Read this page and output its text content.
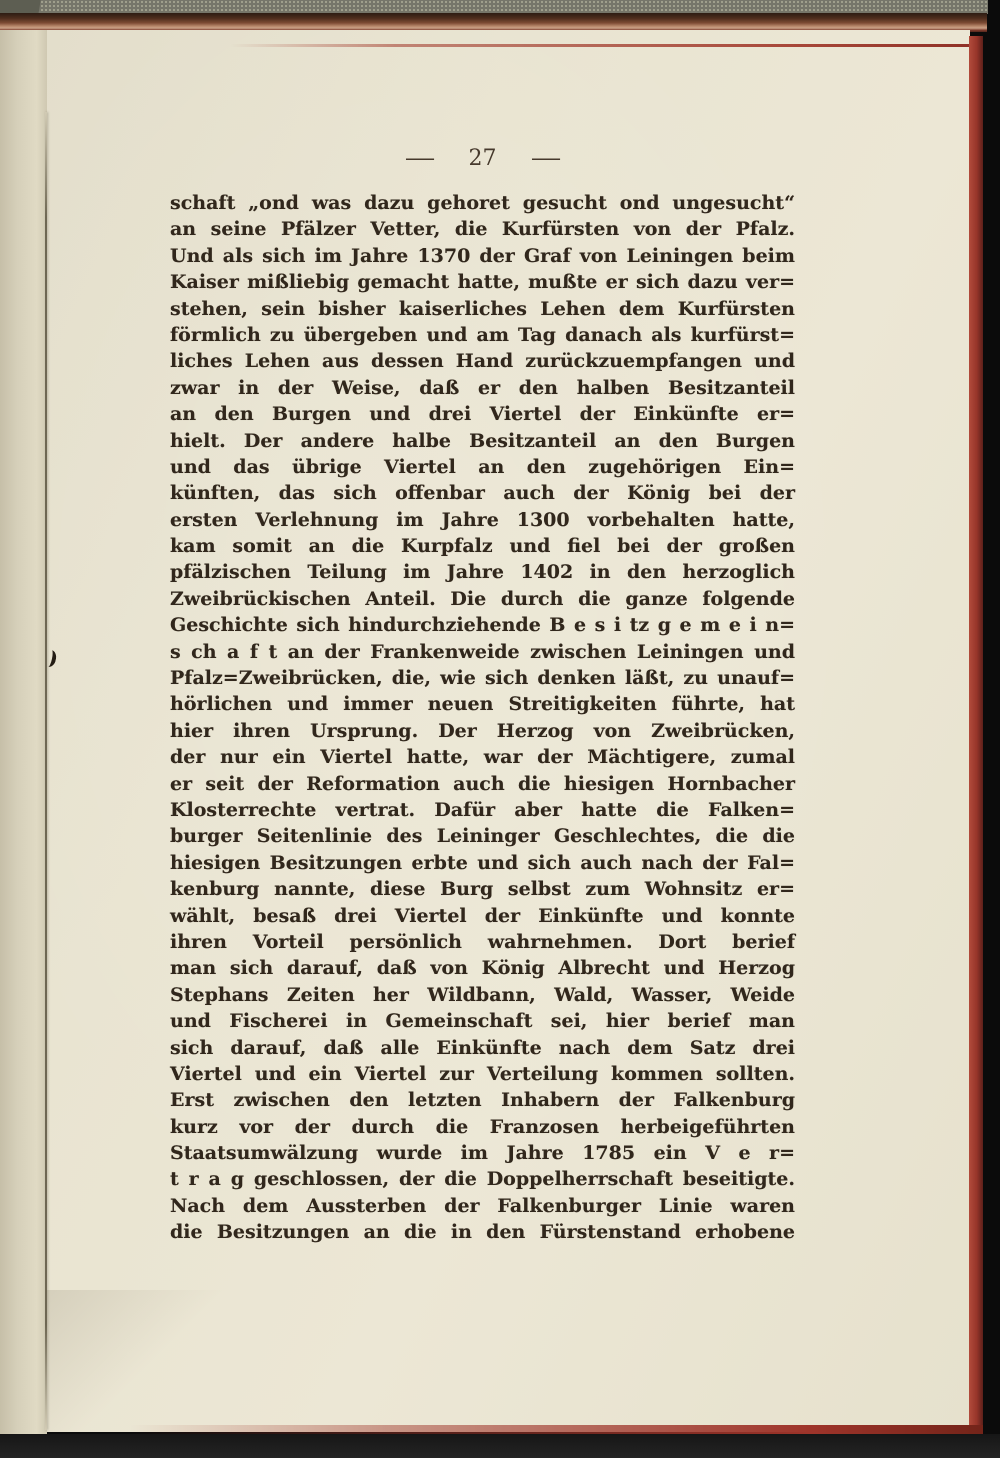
— 27 —
schaft „ond was dazu gehoret gesucht ond ungesucht“
an seine Pfälzer Vetter, die Kurfürsten von der Pfalz.
Und als sich im Jahre 1370 der Graf von Leiningen beim
Kaiser mißliebig gemacht hatte, mußte er sich dazu ver=
stehen, sein bisher kaiserliches Lehen dem Kurfürsten
förmlich zu übergeben und am Tag danach als kurfürst=
liches Lehen aus dessen Hand zurückzuempfangen und
zwar in der Weise, daß er den halben Besitzanteil
an den Burgen und drei Viertel der Einkünfte er=
hielt. Der andere halbe Besitzanteil an den Burgen
und das übrige Viertel an den zugehörigen Ein=
künften, das sich offenbar auch der König bei der
ersten Verlehnung im Jahre 1300 vorbehalten hatte,
kam somit an die Kurpfalz und fiel bei der großen
pfälzischen Teilung im Jahre 1402 in den herzoglich
Zweibrückischen Anteil. Die durch die ganze folgende
Geschichte sich hindurchziehende B e s i tz g e m e i n=
s ch a f t an der Frankenweide zwischen Leiningen und
Pfalz=Zweibrücken, die, wie sich denken läßt, zu unauf=
hörlichen und immer neuen Streitigkeiten führte, hat
hier ihren Ursprung. Der Herzog von Zweibrücken,
der nur ein Viertel hatte, war der Mächtigere, zumal
er seit der Reformation auch die hiesigen Hornbacher
Klosterrechte vertrat. Dafür aber hatte die Falken=
burger Seitenlinie des Leininger Geschlechtes, die die
hiesigen Besitzungen erbte und sich auch nach der Fal=
kenburg nannte, diese Burg selbst zum Wohnsitz er=
wählt, besaß drei Viertel der Einkünfte und konnte
ihren Vorteil persönlich wahrnehmen. Dort berief
man sich darauf, daß von König Albrecht und Herzog
Stephans Zeiten her Wildbann, Wald, Wasser, Weide
und Fischerei in Gemeinschaft sei, hier berief man
sich darauf, daß alle Einkünfte nach dem Satz drei
Viertel und ein Viertel zur Verteilung kommen sollten.
Erst zwischen den letzten Inhabern der Falkenburg
kurz vor der durch die Franzosen herbeigeführten
Staatsumwälzung wurde im Jahre 1785 ein V e r=
t r a g geschlossen, der die Doppelherrschaft beseitigte.
Nach dem Aussterben der Falkenburger Linie waren
die Besitzungen an die in den Fürstenstand erhobene
